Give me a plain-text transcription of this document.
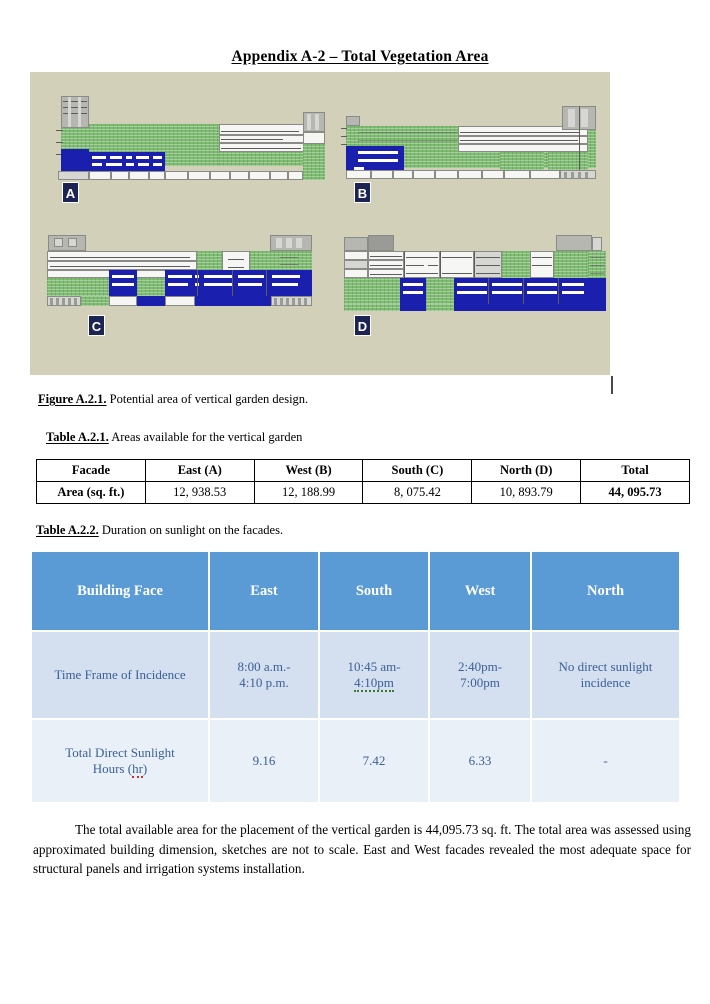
Appendix A-2 – Total Vegetation Area
A	B
C	D
Figure A.2.1. Potential area of vertical garden design.
Table A.2.1. Areas available for the vertical garden
Facade	East (A)	West (B)	South (C)	North (D)	Total
Area (sq. ft.)	12, 938.53	12, 188.99	8, 075.42	10, 893.79	44, 095.73
Table A.2.2. Duration on sunlight on the facades.
Building Face	East	South	West	North
Time Frame of Incidence	8:00 a.m.-
4:10 p.m.	10:45 am-
4:10pm	2:40pm-
7:00pm	No direct sunlight
incidence
Total Direct Sunlight
Hours (hr)	9.16	7.42	6.33	-
The total available area for the placement of the vertical garden is 44,095.73 sq. ft. The total area was assessed using approximated building dimension, sketches are not to scale. East and West facades revealed the most adequate space for structural panels and irrigation systems installation.
